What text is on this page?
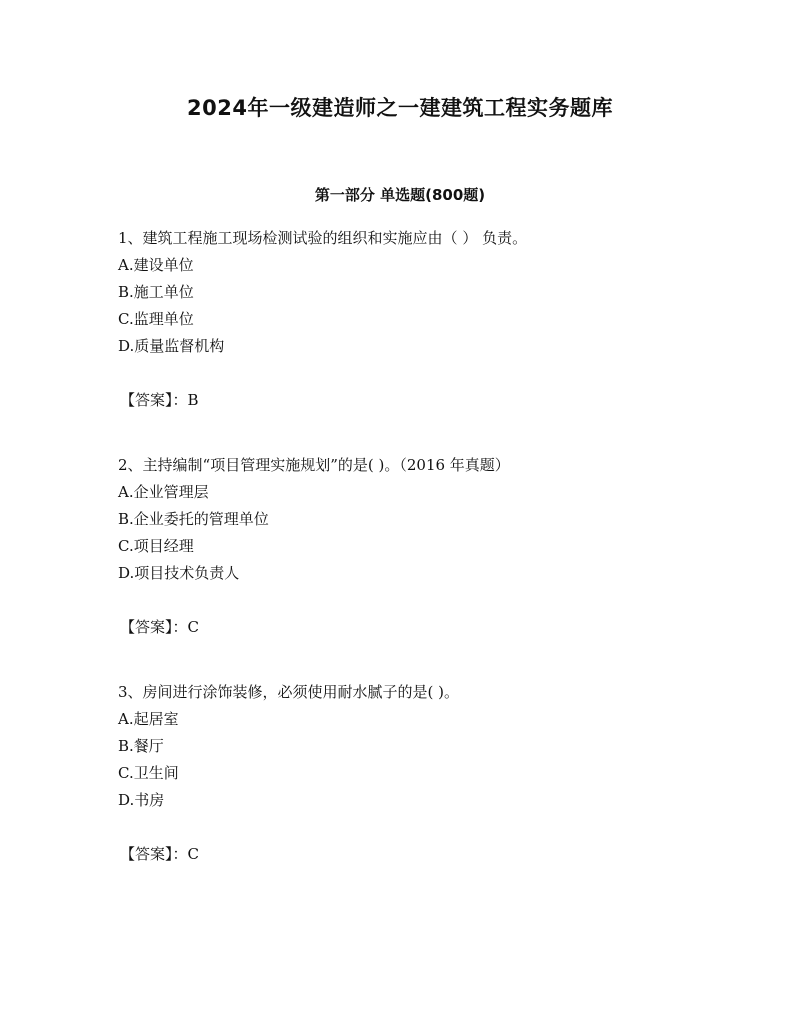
2024年一级建造师之一建建筑工程实务题库
第一部分 单选题(800题)
1、建筑工程施工现场检测试验的组织和实施应由（ ） 负责。
A.建设单位
B.施工单位
C.监理单位
D.质量监督机构
【答案】：B
2、主持编制“项目管理实施规划”的是( )。（2016 年真题）
A.企业管理层
B.企业委托的管理单位
C.项目经理
D.项目技术负责人
【答案】：C
3、房间进行涂饰装修，必须使用耐水腻子的是( )。
A.起居室
B.餐厅
C.卫生间
D.书房
【答案】：C
